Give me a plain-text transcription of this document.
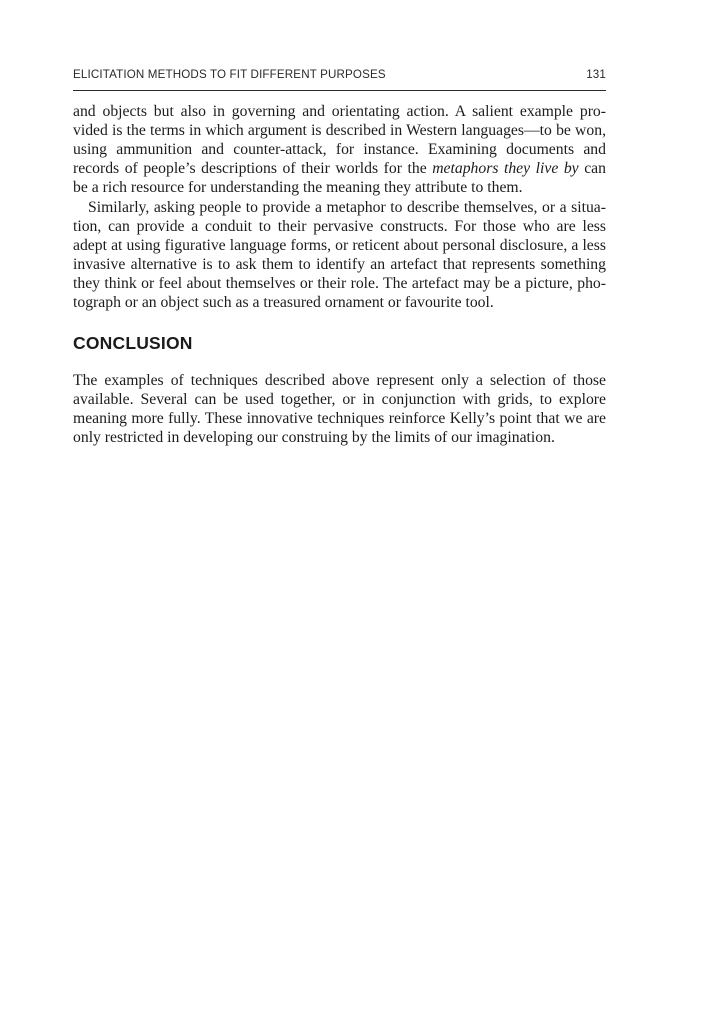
ELICITATION METHODS TO FIT DIFFERENT PURPOSES	131
and objects but also in governing and orientating action. A salient example pro-
vided is the terms in which argument is described in Western languages—to be won,
using ammunition and counter-attack, for instance. Examining documents and
records of people’s descriptions of their worlds for the metaphors they live by can
be a rich resource for understanding the meaning they attribute to them.
Similarly, asking people to provide a metaphor to describe themselves, or a situa-
tion, can provide a conduit to their pervasive constructs. For those who are less
adept at using figurative language forms, or reticent about personal disclosure, a less
invasive alternative is to ask them to identify an artefact that represents something
they think or feel about themselves or their role. The artefact may be a picture, pho-
tograph or an object such as a treasured ornament or favourite tool.
CONCLUSION
The examples of techniques described above represent only a selection of those
available. Several can be used together, or in conjunction with grids, to explore
meaning more fully. These innovative techniques reinforce Kelly’s point that we are
only restricted in developing our construing by the limits of our imagination.
